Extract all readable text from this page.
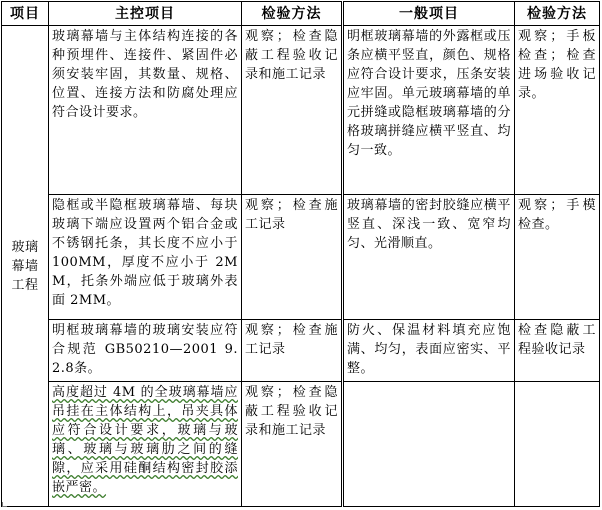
项目	主控项目	检验方法	一般项目	检验方法
玻璃幕墙工程	玻璃幕墙与主体结构连接的各种预埋件、连接件、紧固件必须安装牢固，其数量、规格、位置、连接方法和防腐处理应符合设计要求。	观察；检查隐蔽工程验收记录和施工记录	明框玻璃幕墙的外露框或压条应横平竖直，颜色、规格应符合设计要求，压条安装应牢固。单元玻璃幕墙的单元拼缝或隐框玻璃幕墙的分格玻璃拼缝应横平竖直、均匀一致。	观察；手板检查；检查进场验收记录。
	隐框或半隐框玻璃幕墙、每块玻璃下端应设置两个铝合金或不锈钢托条，其长度不应小于 100MM，厚度不应小于 2MM，托条外端应低于玻璃外表面 2MM。	观察；检查施工记录	玻璃幕墙的密封胶缝应横平竖直、深浅一致、宽窄均匀、光滑顺直。	观察；手模检查。
	明框玻璃幕墙的玻璃安装应符合规范 GB50210—2001 9.2.8条。	观察；检查施工记录	防火、保温材料填充应饱满、均匀，表面应密实、平整。	检查隐蔽工程验收记录
	高度超过 4M 的全玻璃幕墙应吊挂在主体结构上，吊夹具体应符合设计要求，玻璃与玻璃、玻璃与玻璃肋之间的缝隙，应采用硅酮结构密封胶添嵌严密。	观察；检查隐蔽工程验收记录和施工记录		
